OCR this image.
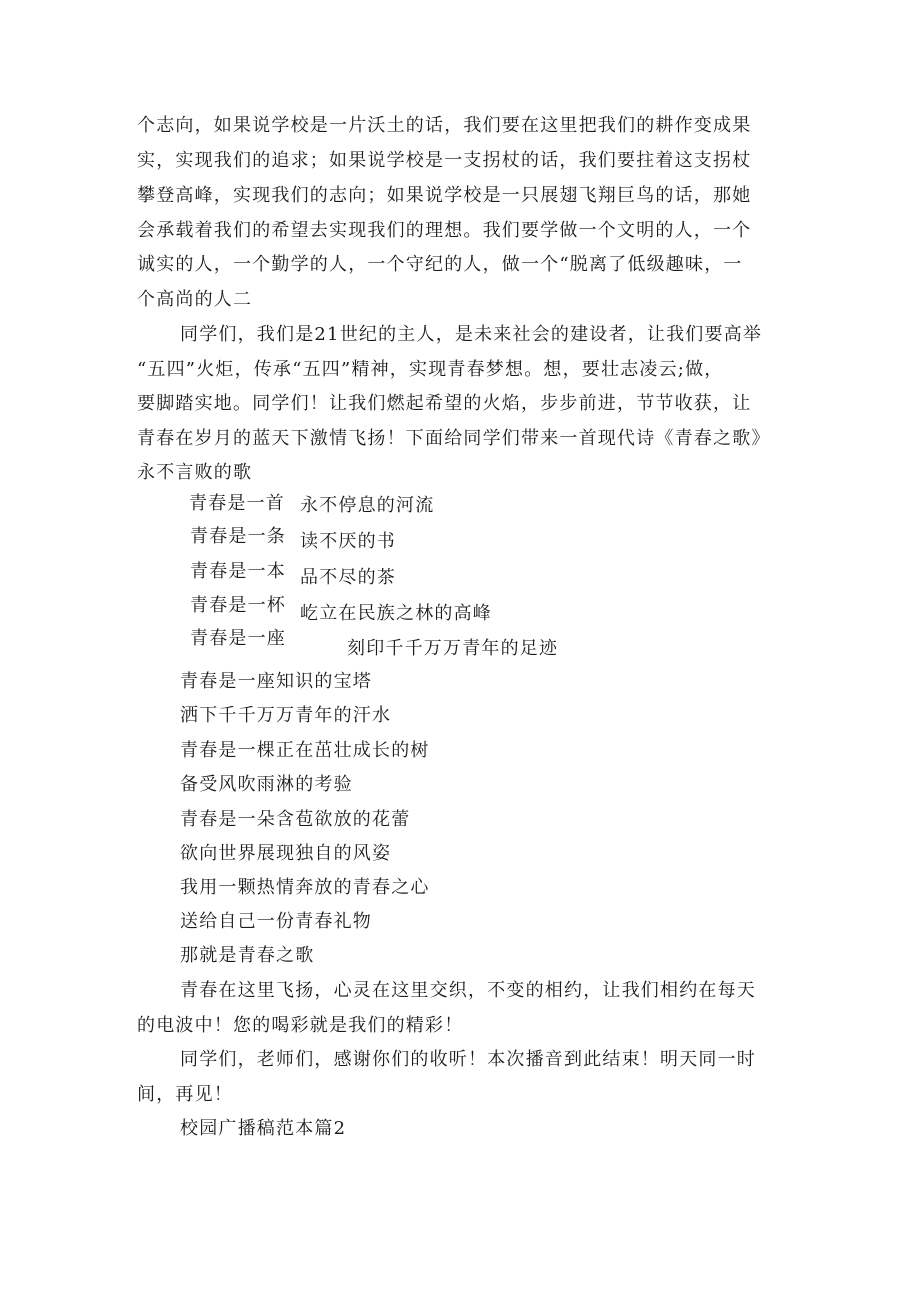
个志向，如果说学校是一片沃土的话，我们要在这里把我们的耕作变成果
实，实现我们的追求；如果说学校是一支拐杖的话，我们要拄着这支拐杖
攀登高峰，实现我们的志向；如果说学校是一只展翅飞翔巨鸟的话，那她
会承载着我们的希望去实现我们的理想。我们要学做一个文明的人，一个
诚实的人，一个勤学的人，一个守纪的人，做一个“脱离了低级趣味，一
个高尚的人二
同学们，我们是21世纪的主人，是未来社会的建设者，让我们要高举
“五四”火炬，传承“五四”精神，实现青春梦想。想，要壮志凌云;做，
要脚踏实地。同学们！让我们燃起希望的火焰，步步前进，节节收获，让
青春在岁月的蓝天下激情飞扬！下面给同学们带来一首现代诗《青春之歌》
永不言败的歌
青春是一首
青春是一条
青春是一本
青春是一杯
青春是一座
永不停息的河流
读不厌的书
品不尽的茶
屹立在民族之林的高峰
刻印千千万万青年的足迹
青春是一座知识的宝塔
洒下千千万万青年的汗水
青春是一棵正在茁壮成长的树
备受风吹雨淋的考验
青春是一朵含苞欲放的花蕾
欲向世界展现独自的风姿
我用一颗热情奔放的青春之心
送给自己一份青春礼物
那就是青春之歌
青春在这里飞扬，心灵在这里交织，不变的相约，让我们相约在每天
的电波中！您的喝彩就是我们的精彩！
同学们，老师们，感谢你们的收听！本次播音到此结束！明天同一时
间，再见！
校园广播稿范本篇2
